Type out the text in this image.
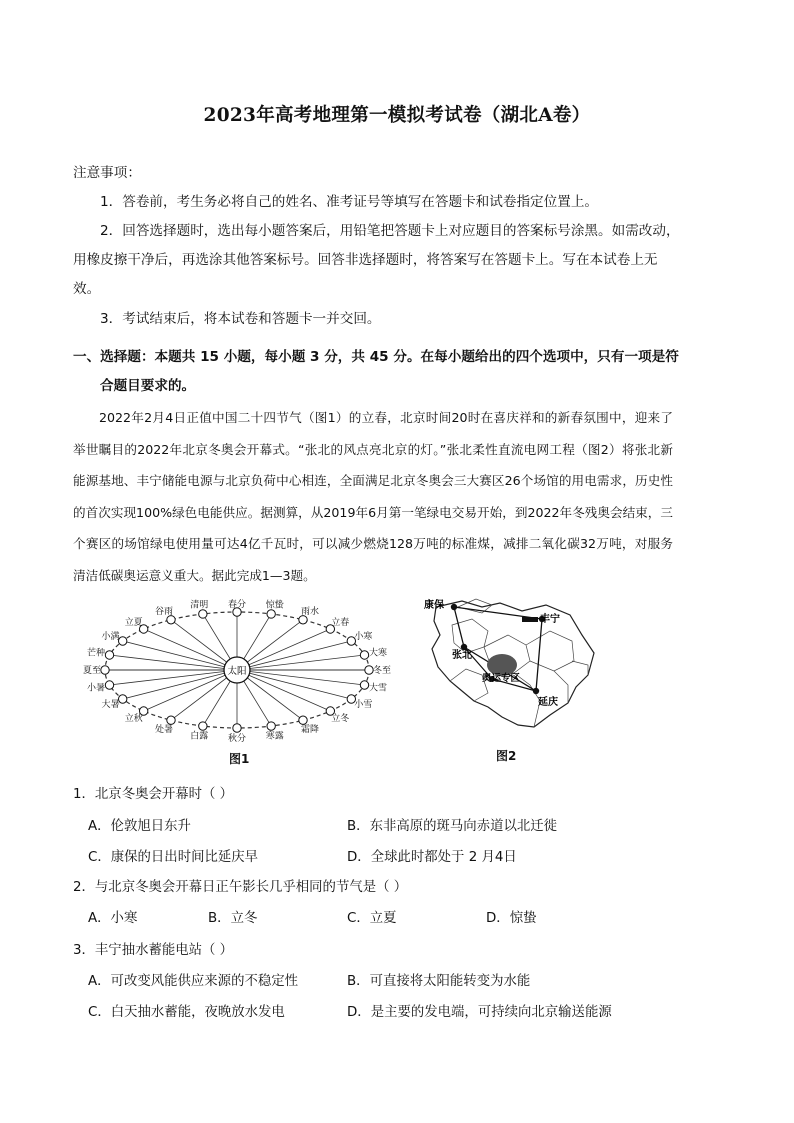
2023年高考地理第一模拟考试卷（湖北A卷）
注意事项：
1．答卷前，考生务必将自己的姓名、准考证号等填写在答题卡和试卷指定位置上。
2．回答选择题时，选出每小题答案后，用铅笔把答题卡上对应题目的答案标号涂黑。如需改动，
用橡皮擦干净后，再选涂其他答案标号。回答非选择题时，将答案写在答题卡上。写在本试卷上无
效。
3．考试结束后，将本试卷和答题卡一并交回。
一、选择题：本题共 15 小题，每小题 3 分，共 45 分。在每小题给出的四个选项中，只有一项是符
合题目要求的。
2022年2月4日正值中国二十四节气（图1）的立春，北京时间20时在喜庆祥和的新春氛围中，迎来了举世瞩目的2022年北京冬奥会开幕式。“张北的风点亮北京的灯。”张北柔性直流电网工程（图2）将张北新能源基地、丰宁储能电源与北京负荷中心相连，全面满足北京冬奥会三大赛区26个场馆的用电需求，历史性的首次实现100%绿色电能供应。据测算，从2019年6月第一笔绿电交易开始，到2022年冬残奥会结束，三个赛区的场馆绿电使用量可达4亿千瓦时，可以减少燃烧128万吨的标准煤，减排二氧化碳32万吨，对服务清洁低碳奥运意义重大。据此完成1—3题。
冬至
大寒
小寒
立春
雨水
惊蛰
春分
清明
谷雨
立夏
小满
芒种
夏至
小暑
大暑
立秋
处暑
白露 秋分 寒露
霜降
立冬
小雪
大雪
太阳
图1
康保
丰宁
张北
奥运专区
延庆
图2
1．北京冬奥会开幕时（ ）
A．伦敦旭日东升	B．东非高原的斑马向赤道以北迁徙
C．康保的日出时间比延庆早	D．全球此时都处于 2 月4日
2．与北京冬奥会开幕日正午影长几乎相同的节气是（ ）
A．小寒	B．立冬	C．立夏	D．惊蛰
3．丰宁抽水蓄能电站（ ）
A．可改变风能供应来源的不稳定性	B．可直接将太阳能转变为水能
C．白天抽水蓄能，夜晚放水发电	D．是主要的发电端，可持续向北京输送能源
